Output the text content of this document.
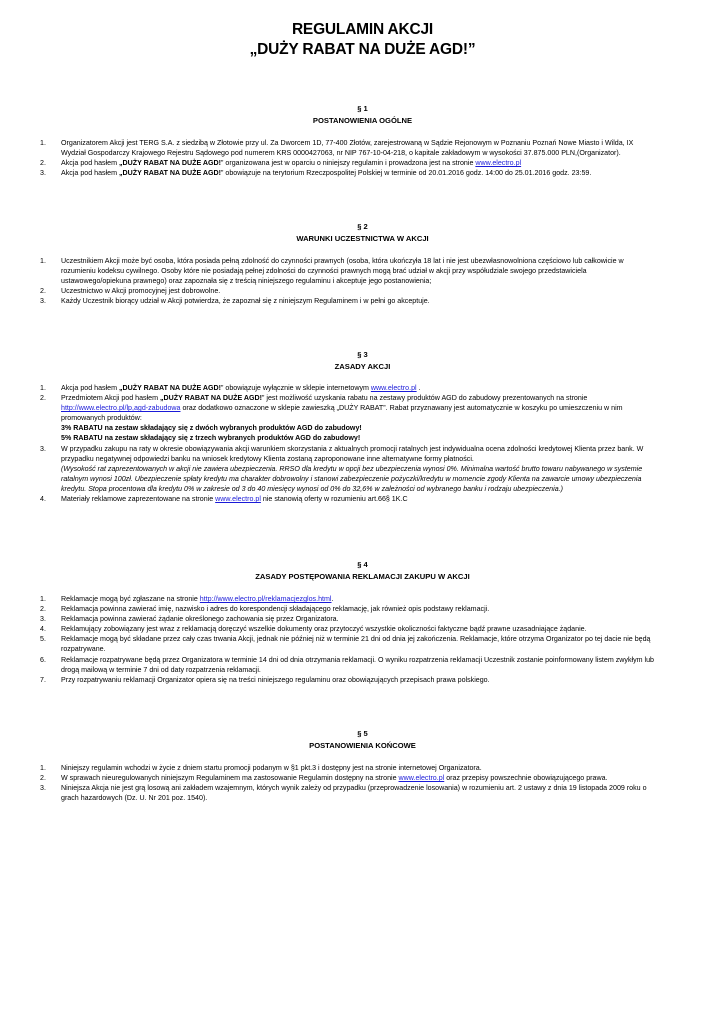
REGULAMIN AKCJI
„DUŻY RABAT NA DUŻE AGD!”
§ 1
POSTANOWIENIA OGÓLNE
1. Organizatorem Akcji jest TERG S.A. z siedzibą w Złotowie przy ul. Za Dworcem 1D, 77-400 Złotów, zarejestrowaną w Sądzie Rejonowym w Poznaniu Poznań Nowe Miasto i Wilda, IX Wydział Gospodarczy Krajowego Rejestru Sądowego pod numerem KRS 0000427063, nr NIP 767-10-04-218, o kapitale zakładowym w wysokości 37.875.000 PLN,(Organizator).
2. Akcja pod hasłem „DUŻY RABAT NA DUŻE AGD!” organizowana jest w oparciu o niniejszy regulamin i prowadzona jest na stronie www.electro.pl
3. Akcja pod hasłem „DUŻY RABAT NA DUŻE AGD!” obowiązuje na terytorium Rzeczpospolitej Polskiej w terminie od 20.01.2016 godz. 14:00 do 25.01.2016 godz. 23:59.
§ 2
WARUNKI UCZESTNICTWA W AKCJI
1. Uczestnikiem Akcji może być osoba, która posiada pełną zdolność do czynności prawnych (osoba, która ukończyła 18 lat i nie jest ubezwłasnowolniona częściowo lub całkowicie w rozumieniu kodeksu cywilnego. Osoby które nie posiadają pełnej zdolności do czynności prawnych mogą brać udział w akcji przy współudziale swojego przedstawiciela ustawowego/opiekuna prawnego) oraz zapoznała się z treścią niniejszego regulaminu i akceptuje jego postanowienia;
2. Uczestnictwo w Akcji promocyjnej jest dobrowolne.
3. Każdy Uczestnik biorący udział w Akcji potwierdza, że zapoznał się z niniejszym Regulaminem i w pełni go akceptuje.
§ 3
ZASADY AKCJI
1. Akcja pod hasłem „DUŻY RABAT NA DUŻE AGD!” obowiązuje wyłącznie w sklepie internetowym www.electro.pl .
2. Przedmiotem Akcji pod hasłem „DUŻY RABAT NA DUŻE AGD!” jest możliwość uzyskania rabatu na zestawy produktów AGD do zabudowy prezentowanych na stronie http://www.electro.pl/lp,agd-zabudowa oraz dodatkowo oznaczone w sklepie zawieszką „DUŻY RABAT”. Rabat przyznawany jest automatycznie w koszyku po umieszczeniu w nim promowanych produktów:
3% RABATU na zestaw składający się z dwóch wybranych produktów AGD do zabudowy!
5% RABATU na zestaw składający się z trzech wybranych produktów AGD do zabudowy!
3. W przypadku zakupu na raty w okresie obowiązywania akcji warunkiem skorzystania z aktualnych promocji ratalnych jest indywidualna ocena zdolności kredytowej Klienta przez bank. W przypadku negatywnej odpowiedzi banku na wniosek kredytowy Klienta zostaną zaproponowane inne alternatywne formy płatności.
(Wysokość rat zaprezentowanych w akcji nie zawiera ubezpieczenia. RRSO dla kredytu w opcji bez ubezpieczenia wynosi 0%. Minimalna wartość brutto towaru nabywanego w systemie ratalnym wynosi 100zł. Ubezpieczenie spłaty kredytu ma charakter dobrowolny i stanowi zabezpieczenie pożyczki/kredytu w momencie zgody Klienta na zawarcie umowy ubezpieczenia kredytu. Stopa procentowa dla kredytu 0% w zakresie od 3 do 40 miesięcy wynosi od 0% do 32,6% w zależności od wybranego banku i rodzaju ubezpieczenia.)
4. Materiały reklamowe zaprezentowane na stronie www.electro.pl nie stanowią oferty w rozumieniu art.66§ 1K.C
§ 4
ZASADY POSTĘPOWANIA REKLAMACJI ZAKUPU W AKCJI
1. Reklamacje mogą być zgłaszane na stronie http://www.electro.pl/reklamacjezglos.html.
2. Reklamacja powinna zawierać imię, nazwisko i adres do korespondencji składającego reklamację, jak również opis podstawy reklamacji.
3. Reklamacja powinna zawierać żądanie określonego zachowania się przez Organizatora.
4. Reklamujący zobowiązany jest wraz z reklamacją doręczyć wszelkie dokumenty oraz przytoczyć wszystkie okoliczności faktyczne bądź prawne uzasadniające żądanie.
5. Reklamacje mogą być składane przez cały czas trwania Akcji, jednak nie później niż w terminie 21 dni od dnia jej zakończenia. Reklamacje, które otrzyma Organizator po tej dacie nie będą rozpatrywane.
6. Reklamacje rozpatrywane będą przez Organizatora w terminie 14 dni od dnia otrzymania reklamacji. O wyniku rozpatrzenia reklamacji Uczestnik zostanie poinformowany listem zwykłym lub drogą mailową w terminie 7 dni od daty rozpatrzenia reklamacji.
7. Przy rozpatrywaniu reklamacji Organizator opiera się na treści niniejszego regulaminu oraz obowiązujących przepisach prawa polskiego.
§ 5
POSTANOWIENIA KOŃCOWE
1. Niniejszy regulamin wchodzi w życie z dniem startu promocji podanym w §1 pkt.3 i dostępny jest na stronie internetowej Organizatora.
2. W sprawach nieuregulowanych niniejszym Regulaminem ma zastosowanie Regulamin dostępny na stronie www.electro.pl oraz przepisy powszechnie obowiązującego prawa.
3. Niniejsza Akcja nie jest grą losową ani zakładem wzajemnym, których wynik zależy od przypadku (przeprowadzenie losowania) w rozumieniu art. 2 ustawy z dnia 19 listopada 2009 roku o grach hazardowych (Dz. U. Nr 201 poz. 1540).
